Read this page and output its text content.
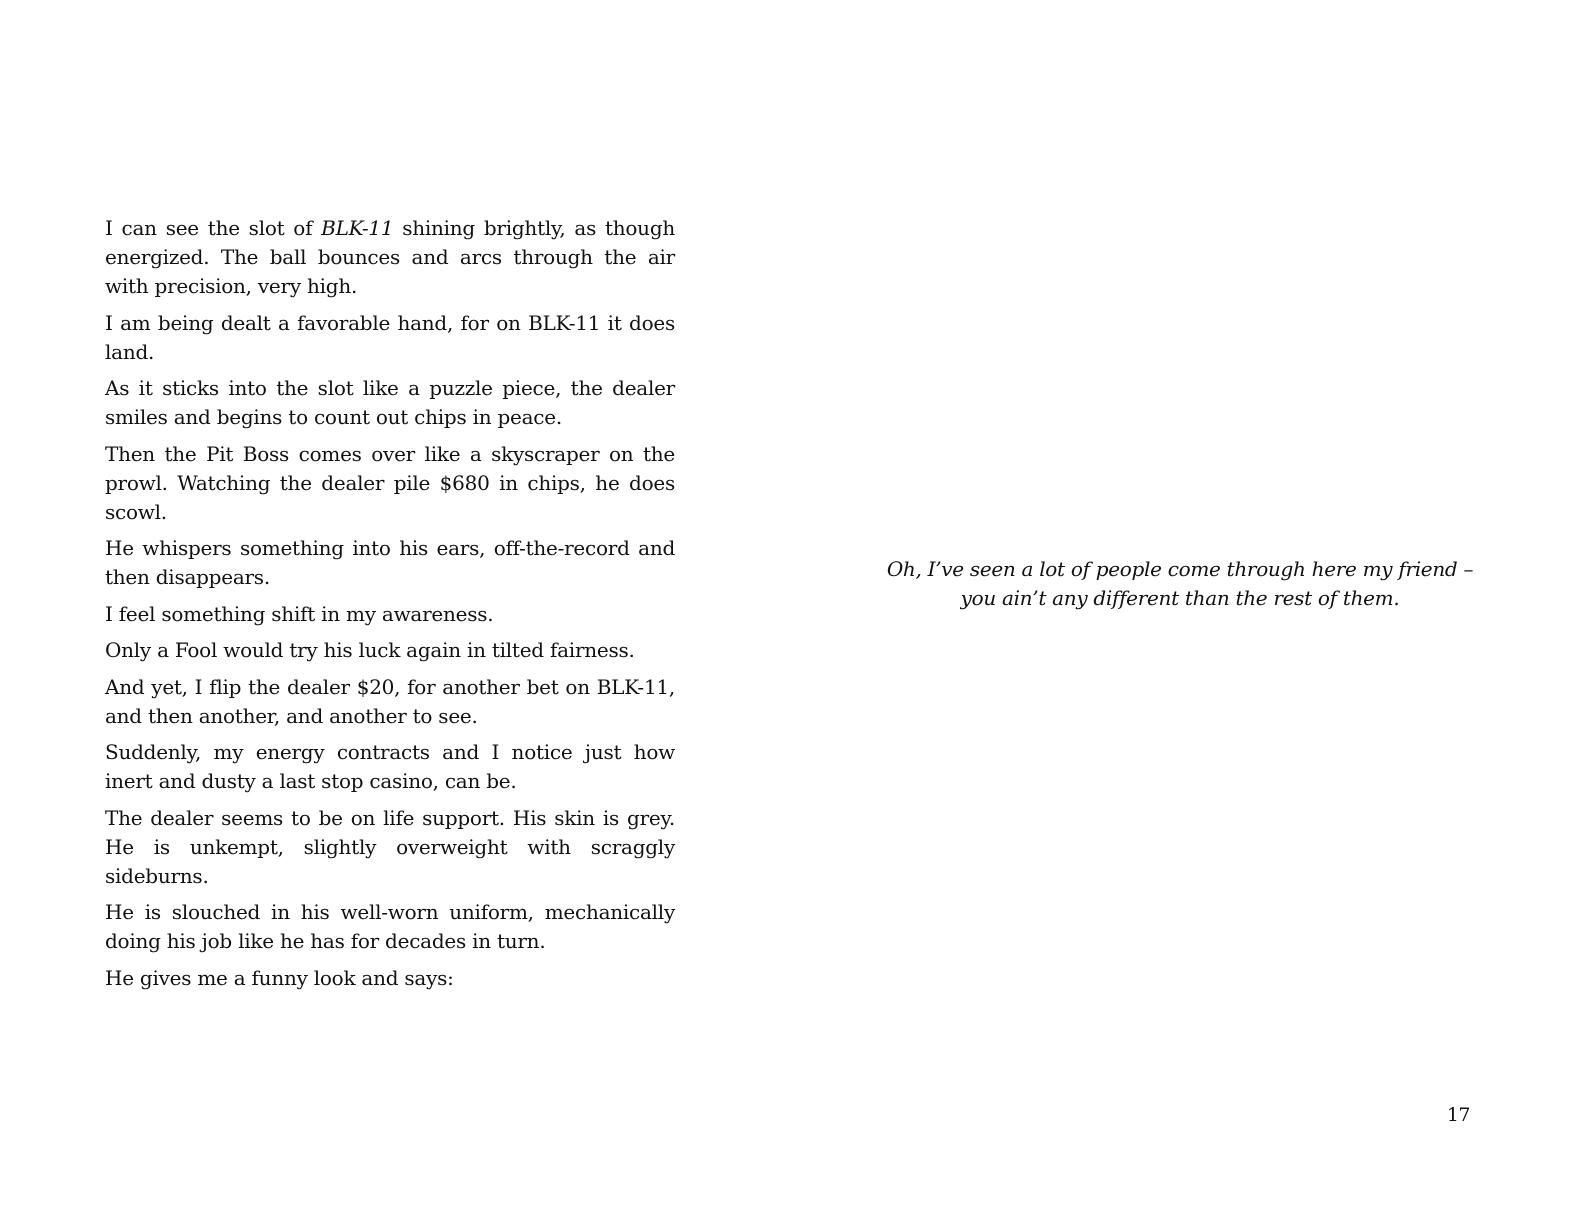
I can see the slot of BLK-11 shining brightly, as though energized. The ball bounces and arcs through the air with precision, very high.

I am being dealt a favorable hand, for on BLK-11 it does land.

As it sticks into the slot like a puzzle piece, the dealer smiles and begins to count out chips in peace.

Then the Pit Boss comes over like a skyscraper on the prowl. Watching the dealer pile $680 in chips, he does scowl.

He whispers something into his ears, off-the-record and then disappears.

I feel something shift in my awareness.

Only a Fool would try his luck again in tilted fairness.

And yet, I flip the dealer $20, for another bet on BLK-11, and then another, and another to see.

Suddenly, my energy contracts and I notice just how inert and dusty a last stop casino, can be.

The dealer seems to be on life support. His skin is grey. He is unkempt, slightly overweight with scraggly sideburns.

He is slouched in his well-worn uniform, mechanically doing his job like he has for decades in turn.

He gives me a funny look and says:

Oh, I’ve seen a lot of people come through here my friend –
you ain’t any different than the rest of them.

17
